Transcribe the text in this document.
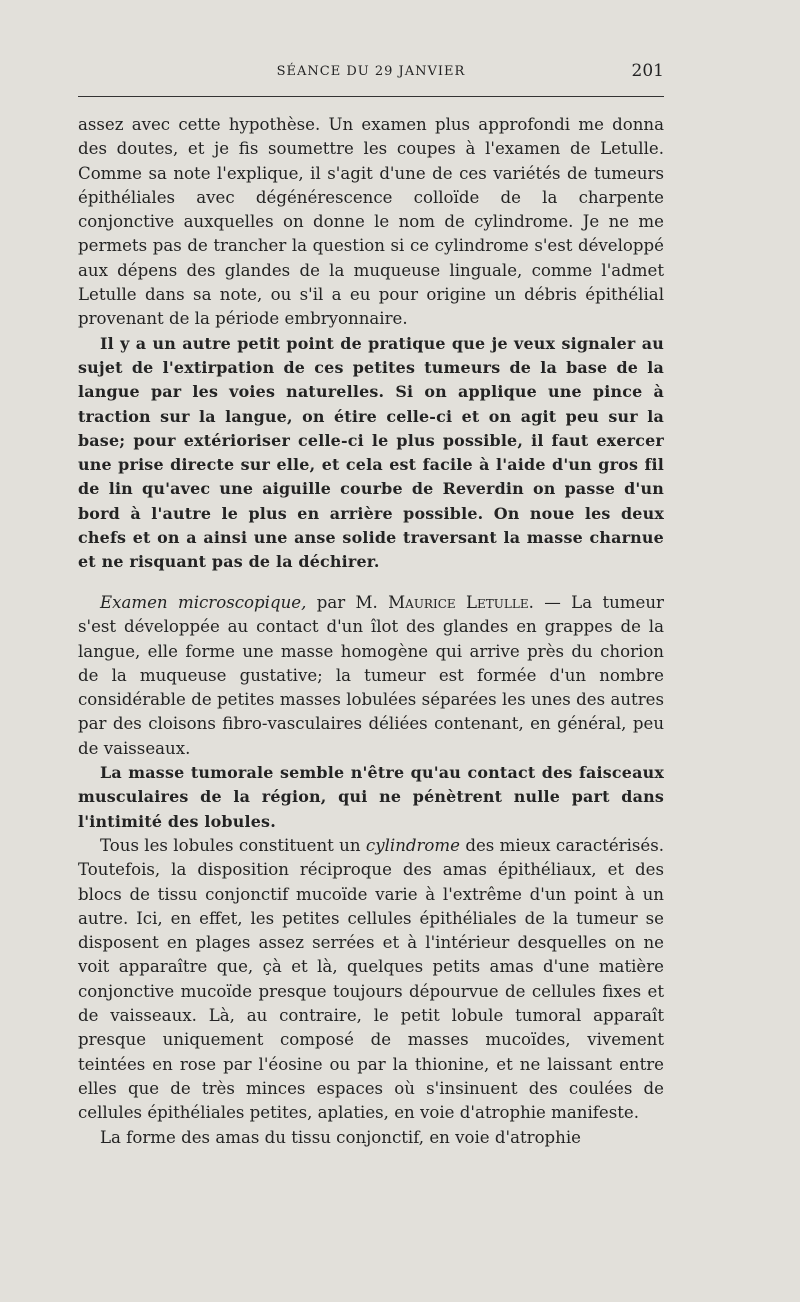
SÉANCE DU 29 JANVIER	201

assez avec cette hypothèse. Un examen plus approfondi me donna des doutes, et je fis soumettre les coupes à l'examen de Letulle. Comme sa note l'explique, il s'agit d'une de ces variétés de tumeurs épithéliales avec dégénérescence colloïde de la charpente conjonctive auxquelles on donne le nom de cylindrome. Je ne me permets pas de trancher la question si ce cylindrome s'est développé aux dépens des glandes de la muqueuse linguale, comme l'admet Letulle dans sa note, ou s'il a eu pour origine un débris épithélial provenant de la période embryonnaire.

Il y a un autre petit point de pratique que je veux signaler au sujet de l'extirpation de ces petites tumeurs de la base de la langue par les voies naturelles. Si on applique une pince à traction sur la langue, on étire celle-ci et on agit peu sur la base; pour extérioriser celle-ci le plus possible, il faut exercer une prise directe sur elle, et cela est facile à l'aide d'un gros fil de lin qu'avec une aiguille courbe de Reverdin on passe d'un bord à l'autre le plus en arrière possible. On noue les deux chefs et on a ainsi une anse solide traversant la masse charnue et ne risquant pas de la déchirer.

Examen microscopique, par M. Maurice Letulle. — La tumeur s'est développée au contact d'un îlot des glandes en grappes de la langue, elle forme une masse homogène qui arrive près du chorion de la muqueuse gustative; la tumeur est formée d'un nombre considérable de petites masses lobulées séparées les unes des autres par des cloisons fibro-vasculaires déliées contenant, en général, peu de vaisseaux.

La masse tumorale semble n'être qu'au contact des faisceaux musculaires de la région, qui ne pénètrent nulle part dans l'intimité des lobules.

Tous les lobules constituent un cylindrome des mieux caractérisés. Toutefois, la disposition réciproque des amas épithéliaux, et des blocs de tissu conjonctif mucoïde varie à l'extrême d'un point à un autre. Ici, en effet, les petites cellules épithéliales de la tumeur se disposent en plages assez serrées et à l'intérieur desquelles on ne voit apparaître que, çà et là, quelques petits amas d'une matière conjonctive mucoïde presque toujours dépourvue de cellules fixes et de vaisseaux. Là, au contraire, le petit lobule tumoral apparaît presque uniquement composé de masses mucoïdes, vivement teintées en rose par l'éosine ou par la thionine, et ne laissant entre elles que de très minces espaces où s'insinuent des coulées de cellules épithéliales petites, aplaties, en voie d'atrophie manifeste.

La forme des amas du tissu conjonctif, en voie d'atrophie
